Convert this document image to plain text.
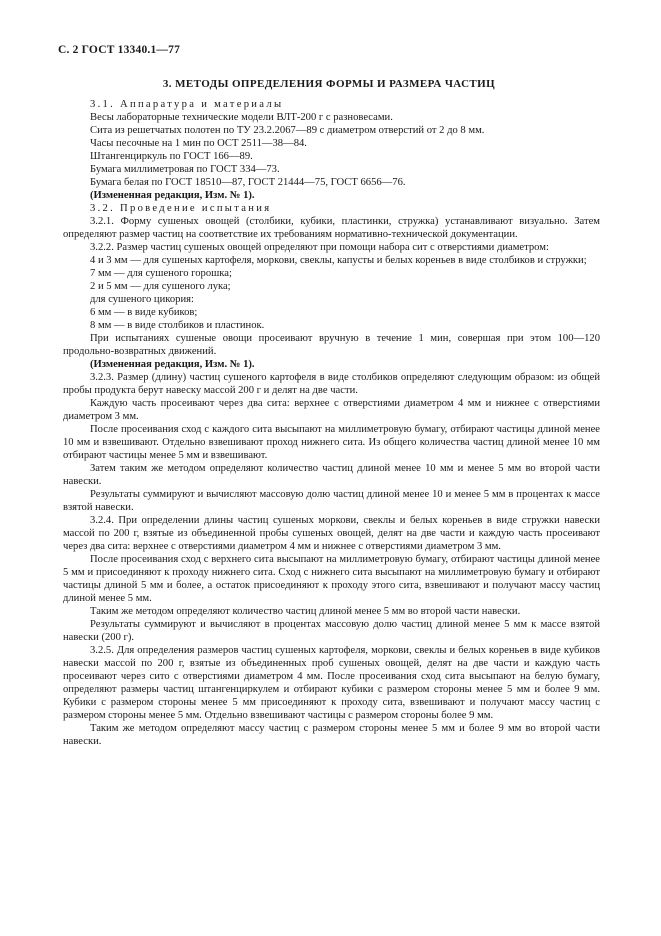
С. 2 ГОСТ 13340.1—77
3. МЕТОДЫ ОПРЕДЕЛЕНИЯ ФОРМЫ И РАЗМЕРА ЧАСТИЦ

3.1. Аппаратура и материалы

Весы лабораторные технические модели ВЛТ-200 г с разновесами.

Сита из решетчатых полотен по ТУ 23.2.2067—89 с диаметром отверстий от 2 до 8 мм.

Часы песочные на 1 мин по ОСТ 2511—38—84.

Штангенциркуль по ГОСТ 166—89.

Бумага миллиметровая по ГОСТ 334—73.

Бумага белая по ГОСТ 18510—87, ГОСТ 21444—75, ГОСТ 6656—76.

(Измененная редакция, Изм. № 1).

3.2. Проведение испытания

3.2.1. Форму сушеных овощей (столбики, кубики, пластинки, стружка) устанавливают визуально. Затем определяют размер частиц на соответствие их требованиям нормативно-технической документации.

3.2.2. Размер частиц сушеных овощей определяют при помощи набора сит с отверстиями диаметром:

4 и 3 мм — для сушеных картофеля, моркови, свеклы, капусты и белых кореньев в виде столбиков и стружки;

7 мм — для сушеного горошка;

2 и 5 мм — для сушеного лука;

для сушеного цикория:

6 мм — в виде кубиков;

8 мм — в виде столбиков и пластинок.

При испытаниях сушеные овощи просеивают вручную в течение 1 мин, совершая при этом 100—120 продольно-возвратных движений.

(Измененная редакция, Изм. № 1).

3.2.3. Размер (длину) частиц сушеного картофеля в виде столбиков определяют следующим образом: из общей пробы продукта берут навеску массой 200 г и делят на две части.

Каждую часть просеивают через два сита: верхнее с отверстиями диаметром 4 мм и нижнее с отверстиями диаметром 3 мм.

После просеивания сход с каждого сита высыпают на миллиметровую бумагу, отбирают частицы длиной менее 10 мм и взвешивают. Отдельно взвешивают проход нижнего сита. Из общего количества частиц длиной менее 10 мм отбирают частицы менее 5 мм и взвешивают.

Затем таким же методом определяют количество частиц длиной менее 10 мм и менее 5 мм во второй части навески.

Результаты суммируют и вычисляют массовую долю частиц длиной менее 10 и менее 5 мм в процентах к массе взятой навески.

3.2.4. При определении длины частиц сушеных моркови, свеклы и белых кореньев в виде стружки навески массой по 200 г, взятые из объединенной пробы сушеных овощей, делят на две части и каждую часть просеивают через два сита: верхнее с отверстиями диаметром 4 мм и нижнее с отверстиями диаметром 3 мм.

После просеивания сход с верхнего сита высыпают на миллиметровую бумагу, отбирают частицы длиной менее 5 мм и присоединяют к проходу нижнего сита. Сход с нижнего сита высыпают на миллиметровую бумагу и отбирают частицы длиной 5 мм и более, а остаток присоединяют к проходу этого сита, взвешивают и получают массу частиц длиной менее 5 мм.

Таким же методом определяют количество частиц длиной менее 5 мм во второй части навески.

Результаты суммируют и вычисляют в процентах массовую долю частиц длиной менее 5 мм к массе взятой навески (200 г).

3.2.5. Для определения размеров частиц сушеных картофеля, моркови, свеклы и белых кореньев в виде кубиков навески массой по 200 г, взятые из объединенных проб сушеных овощей, делят на две части и каждую часть просеивают через сито с отверстиями диаметром 4 мм. После просеивания сход сита высыпают на белую бумагу, определяют размеры частиц штангенциркулем и отбирают кубики с размером стороны менее 5 мм и более 9 мм. Кубики с размером стороны менее 5 мм присоединяют к проходу сита, взвешивают и получают массу частиц с размером стороны менее 5 мм. Отдельно взвешивают частицы с размером стороны более 9 мм.

Таким же методом определяют массу частиц с размером стороны менее 5 мм и более 9 мм во второй части навески.
